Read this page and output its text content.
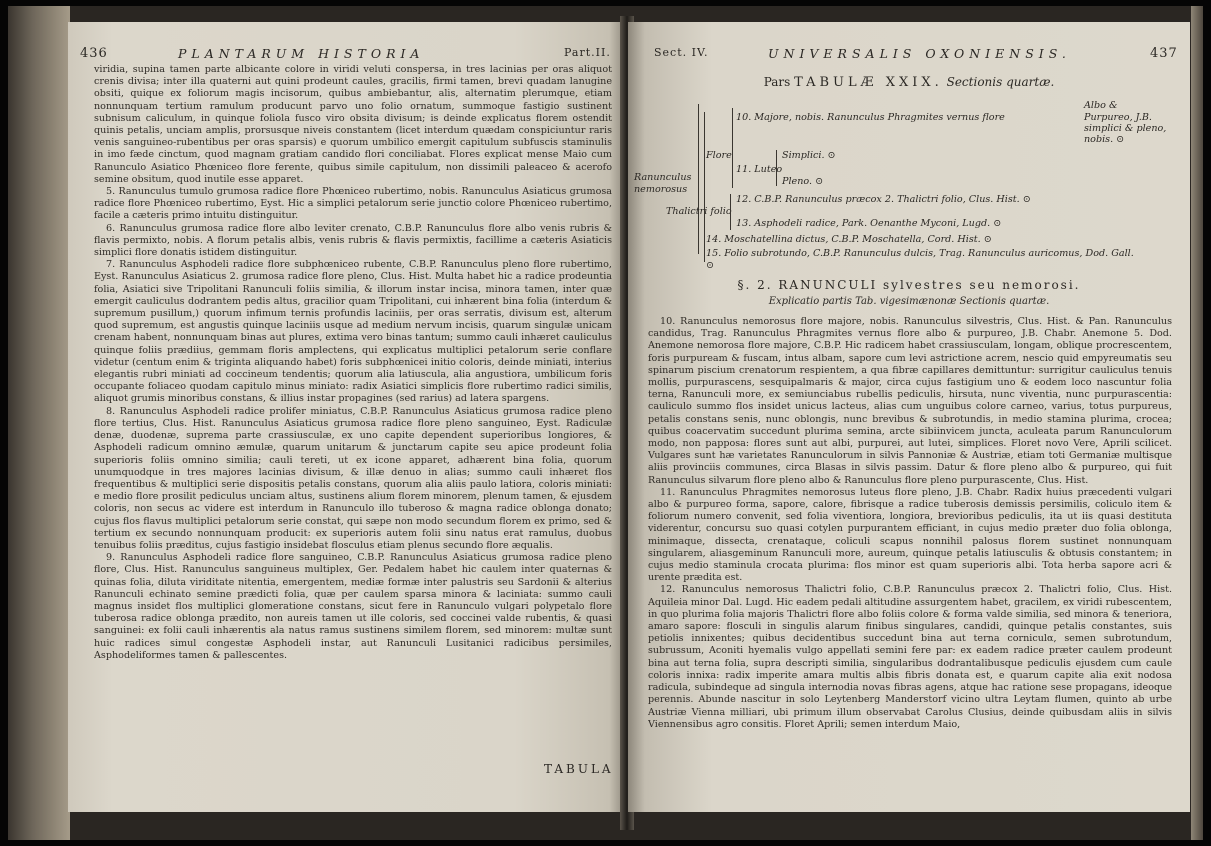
436	PLANTARUM HISTORIA	Part.II.

viridia, supina tamen parte albicante colore in viridi veluti conspersa, in tres lacinias per oras aliquot crenis divisa; inter illa quaterni aut quini prodeunt caules, gracilis, firmi tamen, brevi quadam lanugine obsiti, quique ex foliorum magis incisorum, quibus ambiebantur, alis, alternatim plerumque, etiam nonnunquam tertium ramulum producunt parvo uno folio ornatum, summoque fastigio sustinent subnisum caliculum, in quinque foliola fusco viro obsita divisum; is deinde explicatus florem ostendit quinis petalis, unciam amplis, prorsusque niveis constantem (licet interdum quædam conspiciuntur raris venis sanguineo-rubentibus per oras sparsis) e quorum umbilico emergit capitulum subfuscis staminulis in imo fæde cinctum, quod magnam gratiam candido flori conciliabat. Flores explicat mense Maio cum Ranunculo Asiatico Phœniceo flore ferente, quibus simile capitulum, non dissimili paleaceo & acerofo semine obsitum, quod inutile esse apparet.

5. Ranunculus tumulo grumosa radice flore Phœniceo rubertimo, nobis. Ranunculus Asiaticus grumosa radice flore Phœniceo rubertimo, Eyst. Hic a simplici petalorum serie junctio colore Phœniceo rubertimo, facile a cæteris primo intuitu distinguitur.

6. Ranunculus grumosa radice flore albo leviter crenato, C.B.P. Ranunculus flore albo venis rubris & flavis permixto, nobis. A florum petalis albis, venis rubris & flavis permixtis, facillime a cæteris Asiaticis simplici flore donatis istidem distinguitur.

7. Ranunculus Asphodeli radice flore subphœniceo rubente, C.B.P. Ranunculus pleno flore rubertimo, Eyst. Ranunculus Asiaticus 2. grumosa radice flore pleno, Clus. Hist. Multa habet hic a radice prodeuntia folia, Asiatici sive Tripolitani Ranunculi foliis similia, & illorum instar incisa, minora tamen, inter quæ emergit cauliculus dodrantem pedis altus, gracilior quam Tripolitani, cui inhærent bina folia (interdum & supremum pusillum,) quorum infimum ternis profundis laciniis, per oras serratis, divisum est, alterum quod supremum, est angustis quinque laciniis usque ad medium nervum incisis, quarum singulæ unicam crenam habent, nonnunquam binas aut plures, extima vero binas tantum; summo cauli inhæret cauliculus quinque foliis prædiius, gemmam floris amplectens, qui explicatus multiplici petalorum serie conflare videtur (centum enim & triginta aliquando habet) foris subphœnicei initio coloris, deinde miniati, interius elegantis rubri miniati ad coccineum tendentis; quorum alia latiuscula, alia angustiora, umbilicum foris occupante foliaceo quodam capitulo minus miniato: radix Asiatici simplicis flore rubertimo radici similis, aliquot grumis minoribus constans, & illius instar propagines (sed rarius) ad latera spargens.

8. Ranunculus Asphodeli radice prolifer miniatus, C.B.P. Ranunculus Asiaticus grumosa radice pleno flore tertius, Clus. Hist. Ranunculus Asiaticus grumosa radice flore pleno sanguineo, Eyst. Radiculæ denæ, duodenæ, suprema parte crassiusculæ, ex uno capite dependent superioribus longiores, & Asphodeli radicum omnino æmulæ, quarum unitarum & junctarum capite seu apice prodeunt folia superioris foliis omnino similia; cauli tereti, ut ex icone apparet, adhærent bina folia, quorum unumquodque in tres majores lacinias divisum, & illæ denuo in alias; summo cauli inhæret flos frequentibus & multiplici serie dispositis petalis constans, quorum alia aliis paulo latiora, coloris miniati: e medio flore prosilit pediculus unciam altus, sustinens alium florem minorem, plenum tamen, & ejusdem coloris, non secus ac videre est interdum in Ranunculo illo tuberoso & magna radice oblonga donato; cujus flos flavus multiplici petalorum serie constat, qui sæpe non modo secundum florem ex primo, sed & tertium ex secundo nonnunquam producit: ex superioris autem folii sinu natus erat ramulus, duobus tenuibus foliis præditus, cujus fastigio insidebat flosculus etiam plenus secundo flore æqualis.

9. Ranunculus Asphodeli radice flore sanguineo, C.B.P. Ranunculus Asiaticus grumosa radice pleno flore, Clus. Hist. Ranunculus sanguineus multiplex, Ger. Pedalem habet hic caulem inter quaternas & quinas folia, diluta viriditate nitentia, emergentem, mediæ formæ inter palustris seu Sardonii & alterius Ranunculi echinato semine prædicti folia, quæ per caulem sparsa minora & laciniata: summo cauli magnus insidet flos multiplici glomeratione constans, sicut fere in Ranunculo vulgari polypetalo flore tuberosa radice oblonga prædito, non aureis tamen ut ille coloris, sed coccinei valde rubentis, & quasi sanguinei: ex folii cauli inhærentis ala natus ramus sustinens similem florem, sed minorem: multæ sunt huic radices simul congestæ Asphodeli instar, aut Ranunculi Lusitanici radicibus persimiles, Asphodeliformes tamen & pallescentes.

TABULA
Sect. IV.	UNIVERSALIS OXONIENSIS.	437
Pars TABULÆ XXIX. Sectionis quartæ.
Ranunculus nemorosus
Flore
Albo &
10. Majore, nobis. Ranunculus Phragmites vernus flore	Purpureo, J.B. simplici & pleno, nobis. ⊙
11. Luteo
Simplici. ⊙
Pleno. ⊙
Thalictri folio
12. C.B.P. Ranunculus præcox 2. Thalictri folio, Clus. Hist. ⊙
13. Asphodeli radice, Park. Oenanthe Myconi, Lugd. ⊙
14. Moschatellina dictus, C.B.P. Moschatella, Cord. Hist. ⊙
15. Folio subrotundo, C.B.P. Ranunculus dulcis, Trag. Ranunculus auricomus, Dod. Gall. ⊙
§. 2. RANUNCULI sylvestres seu nemorosi.
Explicatio partis Tab. vigesimænonæ Sectionis quartæ.

10. Ranunculus nemorosus flore majore, nobis. Ranunculus silvestris, Clus. Hist. & Pan. Ranunculus candidus, Trag. Ranunculus Phragmites vernus flore albo & purpureo, J.B. Chabr. Anemone 5. Dod. Anemone nemorosa flore majore, C.B.P. Hic radicem habet crassiusculam, longam, oblique procrescentem, foris purpuream & fuscam, intus albam, sapore cum levi astrictione acrem, nescio quid empyreumatis seu spinarum piscium crenatorum respientem, a qua fibræ capillares demittuntur: surrigitur cauliculus tenuis mollis, purpurascens, sesquipalmaris & major, circa cujus fastigium uno & eodem loco nascuntur folia terna, Ranunculi more, ex semiunciabus rubellis pediculis, hirsuta, nunc viventia, nunc purpurascentia: cauliculo summo flos insidet unicus lacteus, alias cum unguibus colore carneo, varius, totus purpureus, petalis constans senis, nunc oblongis, nunc brevibus & subrotundis, in medio stamina plurima, crocea; quibus coacervatim succedunt plurima semina, arcte sibiinvicem juncta, aculeata parum Ranunculorum modo, non papposa: flores sunt aut albi, purpurei, aut lutei, simplices. Floret novo Vere, Aprili scilicet. Vulgares sunt hæ varietates Ranunculorum in silvis Pannoniæ & Austriæ, etiam toti Germaniæ multisque aliis provinciis communes, circa Blasas in silvis passim. Datur & flore pleno albo & purpureo, qui fuit Ranunculus silvarum flore pleno albo & Ranunculus flore pleno purpurascente, Clus. Hist.

11. Ranunculus Phragmites nemorosus luteus flore pleno, J.B. Chabr. Radix huius præcedenti vulgari albo & purpureo forma, sapore, calore, fibrisque a radice tuberosis demissis persimilis, coliculo item & foliorum numero convenit, sed folia viventiora, longiora, brevioribus pediculis, ita ut iis quasi destituta viderentur, concursu suo quasi cotylen purpurantem efficiant, in cujus medio præter duo folia oblonga, minimaque, dissecta, crenataque, coliculi scapus nonnihil palosus florem sustinet nonnunquam singularem, aliasgeminum Ranunculi more, aureum, quinque petalis latiusculis & obtusis constantem; in cujus medio staminula crocata plurima: flos minor est quam superioris albi. Tota herba sapore acri & urente prædita est.

12. Ranunculus nemorosus Thalictri folio, C.B.P. Ranunculus præcox 2. Thalictri folio, Clus. Hist. Aquileia minor Dal. Lugd. Hic eadem pedali altitudine assurgentem habet, gracilem, ex viridi rubescentem, in quo plurima folia majoris Thalictri flore albo foliis colore & forma valde similia, sed minora & teneriora, amaro sapore: flosculi in singulis alarum finibus singulares, candidi, quinque petalis constantes, suis petiolis innixentes; quibus decidentibus succedunt bina aut terna corniculα, semen subrotundum, subrussum, Aconiti hyemalis vulgo appellati semini fere par: ex eadem radice præter caulem prodeunt bina aut terna folia, supra descripti similia, singularibus dodrantalibusque pediculis ejusdem cum caule coloris innixa: radix imperite amara multis albis fibris donata est, e quarum capite alia exit nodosa radicula, subindeque ad singula internodia novas fibras agens, atque hac ratione sese propagans, ideoque perennis. Abunde nascitur in solo Leytenberg Manderstorf vicino ultra Leytam flumen, quinto ab urbe Austriæ Vienna milliari, ubi primum illum observabat Carolus Clusius, deinde quibusdam aliis in silvis Viennensibus agro consitis. Floret Aprili; semen interdum Maio,
